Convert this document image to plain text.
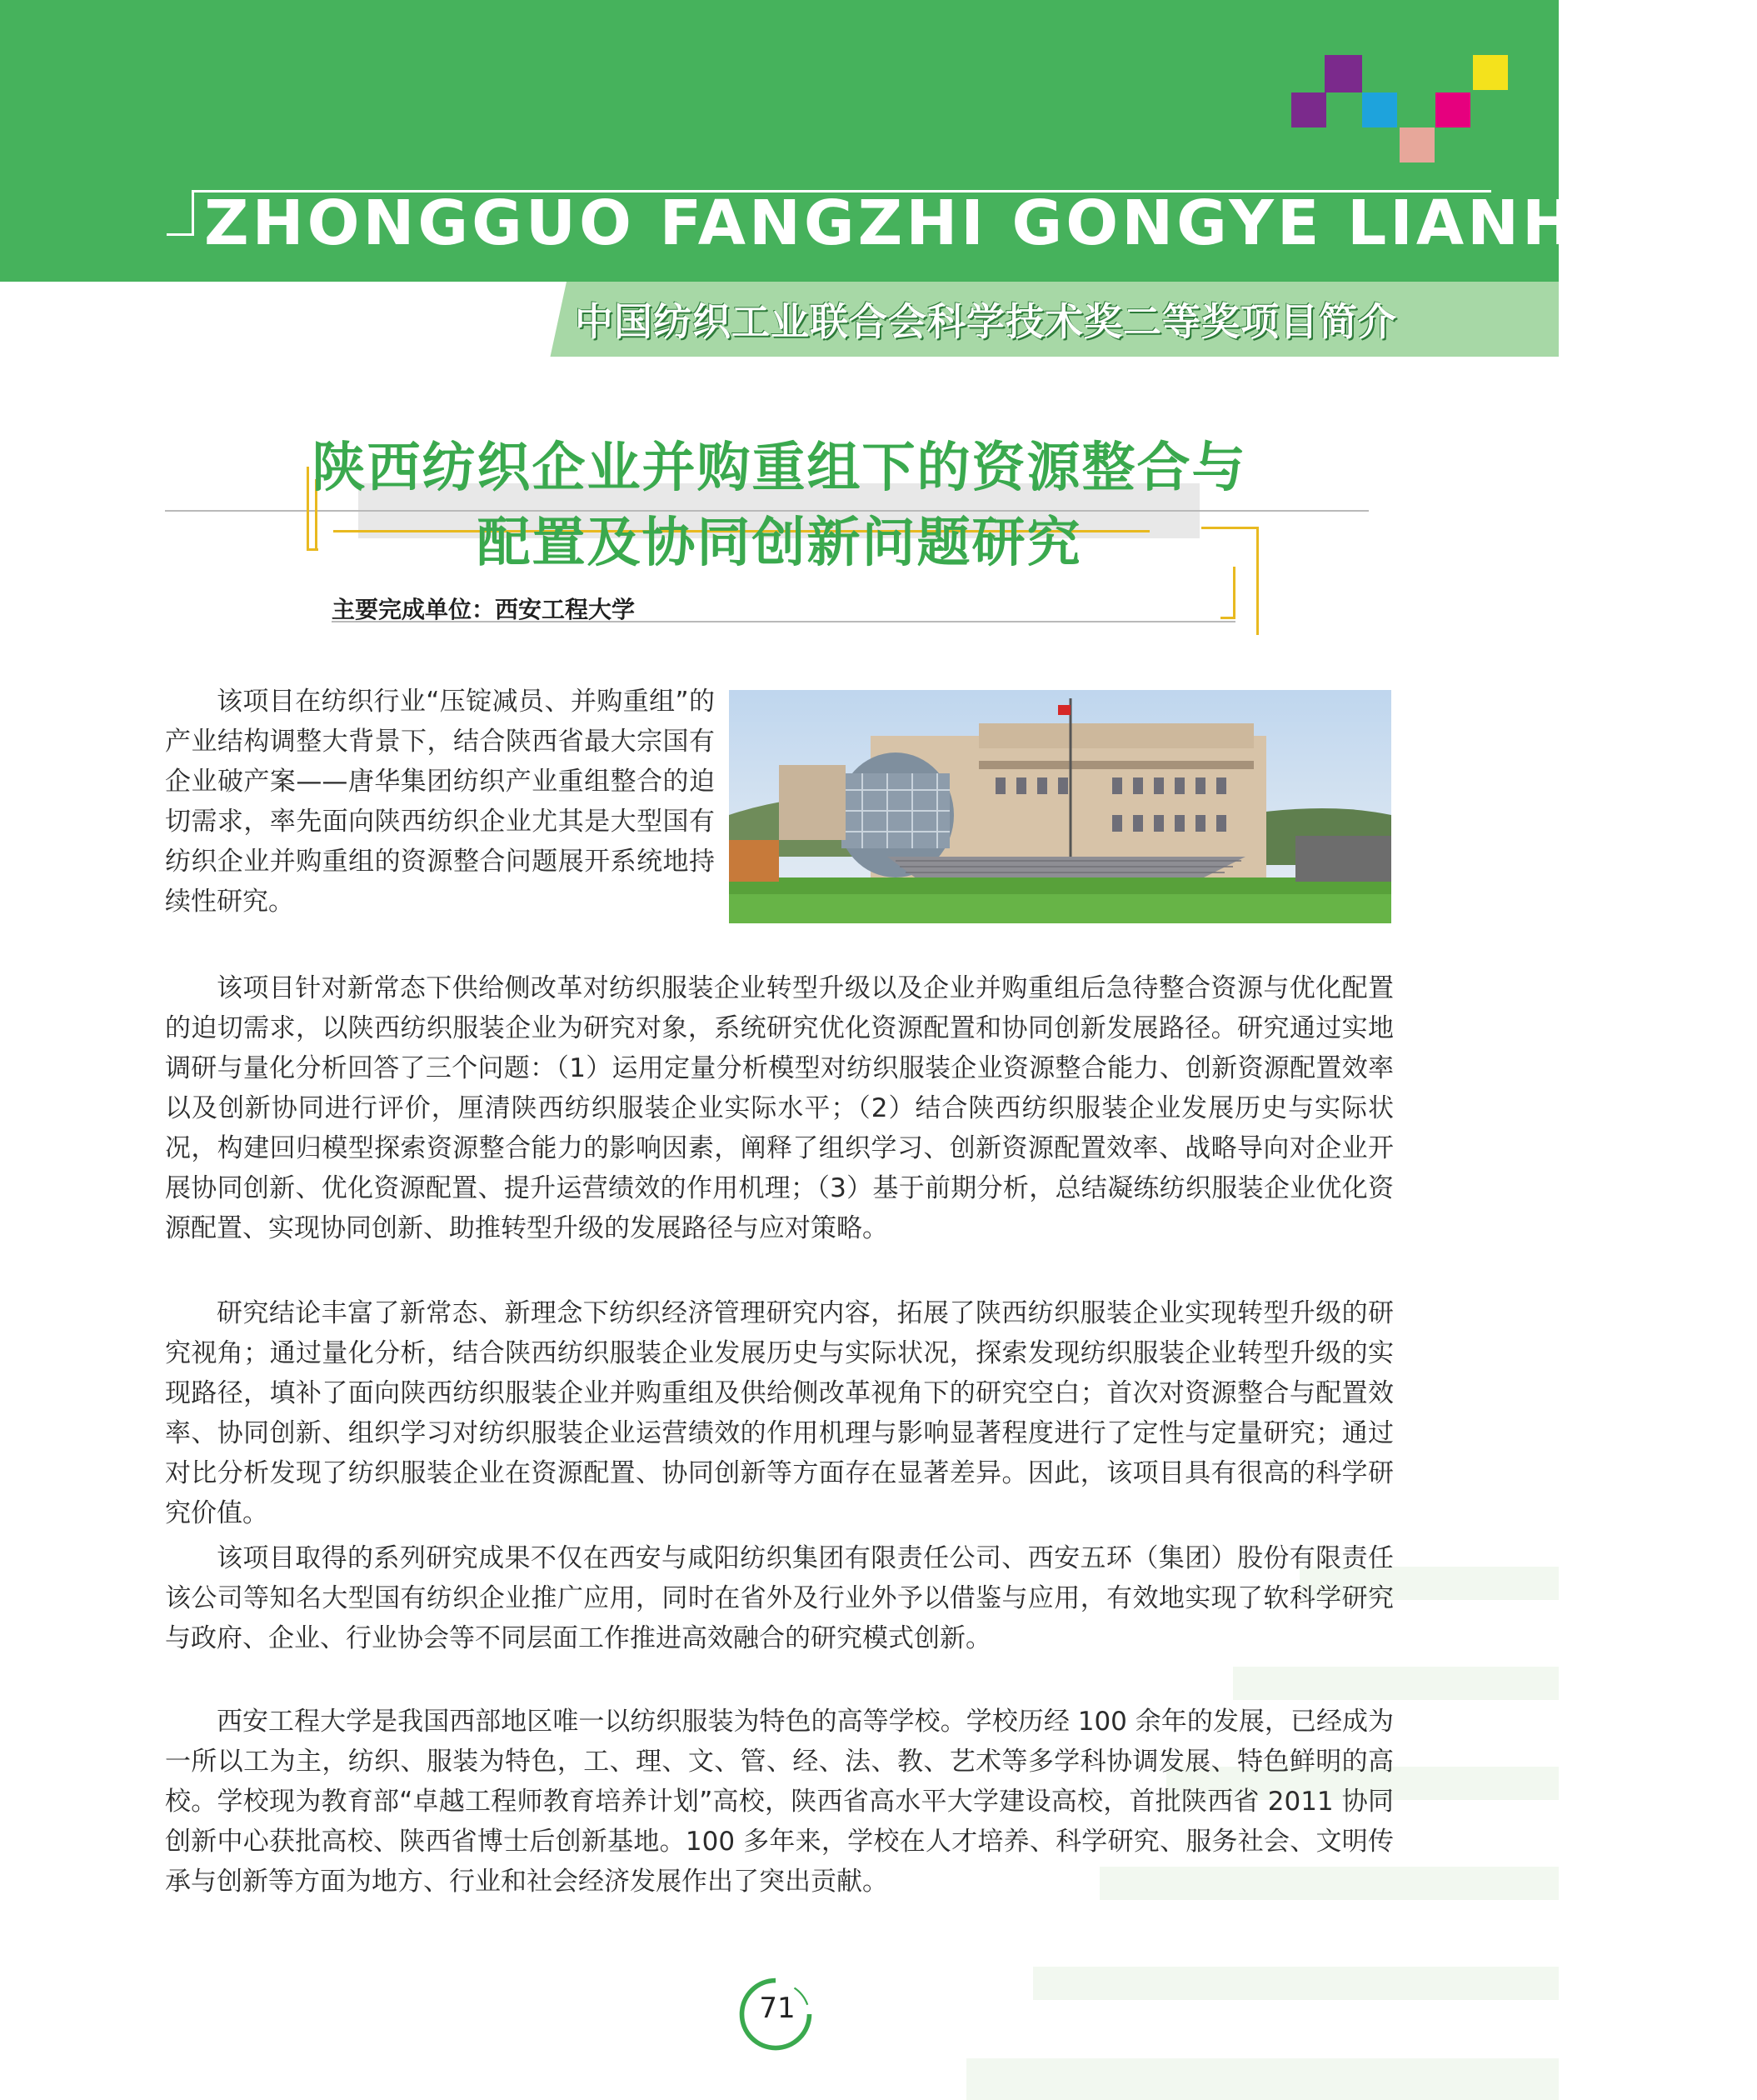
ZHONGGUO FANGZHI GONGYE LIANHEHUI
中国纺织工业联合会科学技术奖二等奖项目简介
陕西纺织企业并购重组下的资源整合与
配置及协同创新问题研究
主要完成单位：西安工程大学

该项目在纺织行业“压锭减员、并购重组”的产业结构调整大背景下，结合陕西省最大宗国有企业破产案——唐华集团纺织产业重组整合的迫切需求，率先面向陕西纺织企业尤其是大型国有纺织企业并购重组的资源整合问题展开系统地持续性研究。

该项目针对新常态下供给侧改革对纺织服装企业转型升级以及企业并购重组后急待整合资源与优化配置的迫切需求，以陕西纺织服装企业为研究对象，系统研究优化资源配置和协同创新发展路径。研究通过实地调研与量化分析回答了三个问题：（1）运用定量分析模型对纺织服装企业资源整合能力、创新资源配置效率以及创新协同进行评价，厘清陕西纺织服装企业实际水平；（2）结合陕西纺织服装企业发展历史与实际状况，构建回归模型探索资源整合能力的影响因素，阐释了组织学习、创新资源配置效率、战略导向对企业开展协同创新、优化资源配置、提升运营绩效的作用机理；（3）基于前期分析，总结凝练纺织服装企业优化资源配置、实现协同创新、助推转型升级的发展路径与应对策略。

研究结论丰富了新常态、新理念下纺织经济管理研究内容，拓展了陕西纺织服装企业实现转型升级的研究视角；通过量化分析，结合陕西纺织服装企业发展历史与实际状况，探索发现纺织服装企业转型升级的实现路径，填补了面向陕西纺织服装企业并购重组及供给侧改革视角下的研究空白；首次对资源整合与配置效率、协同创新、组织学习对纺织服装企业运营绩效的作用机理与影响显著程度进行了定性与定量研究；通过对比分析发现了纺织服装企业在资源配置、协同创新等方面存在显著差异。因此，该项目具有很高的科学研究价值。

该项目取得的系列研究成果不仅在西安与咸阳纺织集团有限责任公司、西安五环（集团）股份有限责任该公司等知名大型国有纺织企业推广应用，同时在省外及行业外予以借鉴与应用，有效地实现了软科学研究与政府、企业、行业协会等不同层面工作推进高效融合的研究模式创新。

西安工程大学是我国西部地区唯一以纺织服装为特色的高等学校。学校历经 100 余年的发展，已经成为一所以工为主，纺织、服装为特色，工、理、文、管、经、法、教、艺术等多学科协调发展、特色鲜明的高校。学校现为教育部“卓越工程师教育培养计划”高校，陕西省高水平大学建设高校，首批陕西省 2011 协同创新中心获批高校、陕西省博士后创新基地。100 多年来，学校在人才培养、科学研究、服务社会、文明传承与创新等方面为地方、行业和社会经济发展作出了突出贡献。

71
